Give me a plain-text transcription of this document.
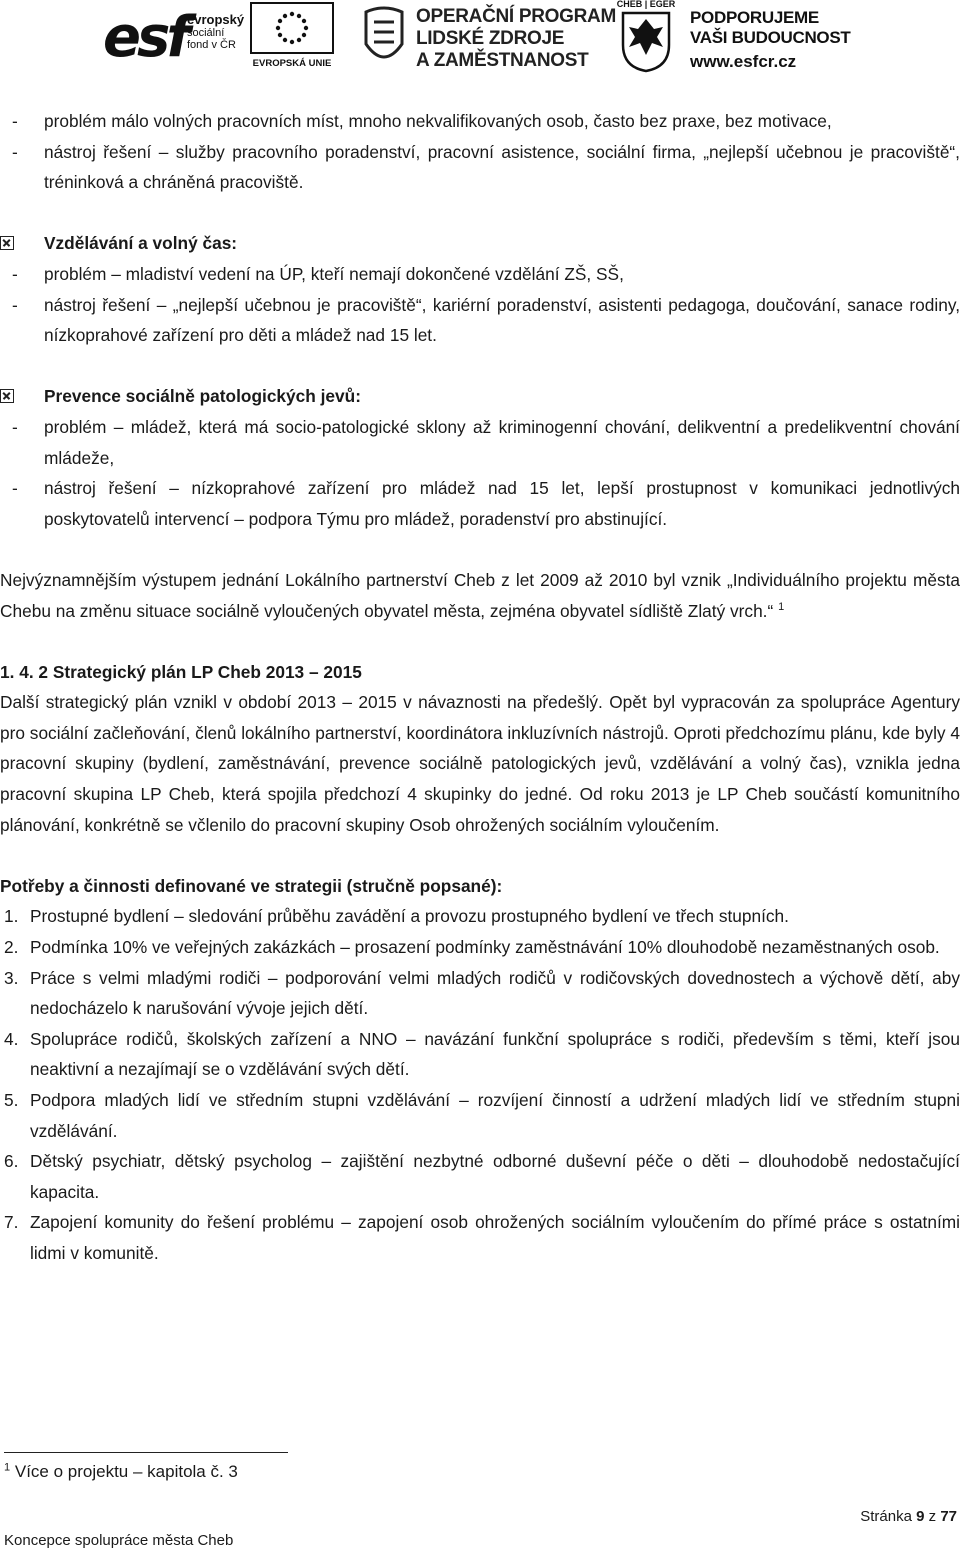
esf evropský
sociální
fond v ČR
EVROPSKÁ UNIE
OPERAČNÍ PROGRAM
LIDSKÉ ZDROJE
A ZAMĚSTNANOST
CHEB | EGER
PODPORUJEME
VAŠI BUDOUCNOST
www.esfcr.cz

- problém málo volných pracovních míst, mnoho nekvalifikovaných osob, často bez praxe, bez motivace,

- nástroj řešení – služby pracovního poradenství, pracovní asistence, sociální firma, „nejlepší učebnou je pracoviště“, tréninková a chráněná pracoviště.

Vzdělávání a volný čas:

- problém – mladiství vedení na ÚP, kteří nemají dokončené vzdělání ZŠ, SŠ,

- nástroj řešení – „nejlepší učebnou je pracoviště“, kariérní poradenství, asistenti pedagoga, doučování, sanace rodiny, nízkoprahové zařízení pro děti a mládež nad 15 let.

Prevence sociálně patologických jevů:

- problém – mládež, která má socio-patologické sklony až kriminogenní chování, delikventní a predelikventní chování mládeže,

- nástroj řešení – nízkoprahové zařízení pro mládež nad 15 let, lepší prostupnost v komunikaci jednotlivých poskytovatelů intervencí – podpora Týmu pro mládež, poradenství pro abstinující.

Nejvýznamnějším výstupem jednání Lokálního partnerství Cheb z let 2009 až 2010 byl vznik „Individuálního projektu města Chebu na změnu situace sociálně vyloučených obyvatel města, zejména obyvatel sídliště Zlatý vrch.“ $^1$

1. 4. 2 Strategický plán LP Cheb 2013 – 2015

Další strategický plán vznikl v období 2013 – 2015 v návaznosti na předešlý. Opět byl vypracován za spolupráce Agentury pro sociální začleňování, členů lokálního partnerství, koordinátora inkluzívních nástrojů. Oproti předchozímu plánu, kde byly 4 pracovní skupiny (bydlení, zaměstnávání, prevence sociálně patologických jevů, vzdělávání a volný čas), vznikla jedna pracovní skupina LP Cheb, která spojila předchozí 4 skupinky do jedné. Od roku 2013 je LP Cheb součástí komunitního plánování, konkrétně se včlenilo do pracovní skupiny Osob ohrožených sociálním vyloučením.

Potřeby a činnosti definované ve strategii (stručně popsané):

1. Prostupné bydlení – sledování průběhu zavádění a provozu prostupného bydlení ve třech stupních.

2. Podmínka 10% ve veřejných zakázkách – prosazení podmínky zaměstnávání 10% dlouhodobě nezaměstnaných osob.

3. Práce s velmi mladými rodiči – podporování velmi mladých rodičů v rodičovských dovednostech a výchově dětí, aby nedocházelo k narušování vývoje jejich dětí.

4. Spolupráce rodičů, školských zařízení a NNO – navázání funkční spolupráce s rodiči, především s těmi, kteří jsou neaktivní a nezajímají se o vzdělávání svých dětí.

5. Podpora mladých lidí ve středním stupni vzdělávání – rozvíjení činností a udržení mladých lidí ve středním stupni vzdělávání.

6. Dětský psychiatr, dětský psycholog – zajištění nezbytné odborné duševní péče o děti – dlouhodobě nedostačující kapacita.

7. Zapojení komunity do řešení problému – zapojení osob ohrožených sociálním vyloučením do přímé práce s ostatními lidmi v komunitě.

$^1$ Více o projektu – kapitola č. 3
Stránka 9 z 77
Koncepce spolupráce města Cheb
